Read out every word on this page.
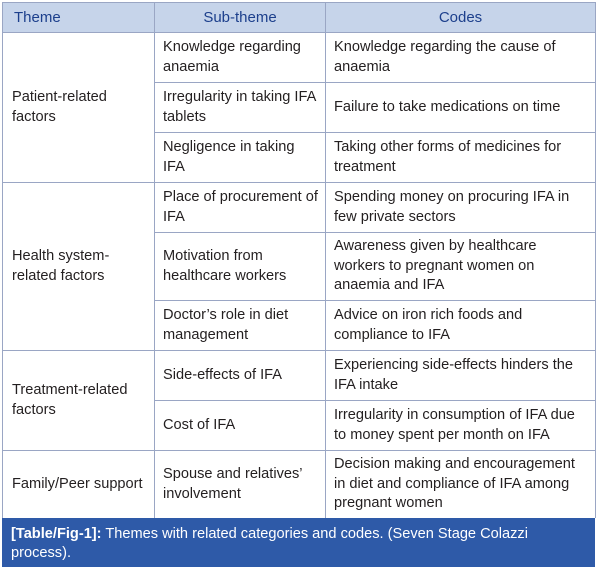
Theme	Sub-theme	Codes
Patient-related factors	Knowledge regarding anaemia	Knowledge regarding the cause of anaemia
	Irregularity in taking IFA tablets	Failure to take medications on time
	Negligence in taking IFA	Taking other forms of medicines for treatment
Health system-related factors	Place of procurement of IFA	Spending money on procuring IFA in few private sectors
	Motivation from healthcare workers	Awareness given by healthcare workers to pregnant women on anaemia and IFA
	Doctor’s role in diet management	Advice on iron rich foods and compliance to IFA
Treatment-related factors	Side-effects of IFA	Experiencing side-effects hinders the IFA intake
	Cost of IFA	Irregularity in consumption of IFA due to money spent per month on IFA
Family/Peer support	Spouse and relatives’ involvement	Decision making and encouragement in diet and compliance of IFA among pregnant women
[Table/Fig-1]: Themes with related categories and codes. (Seven Stage Colazzi process).
